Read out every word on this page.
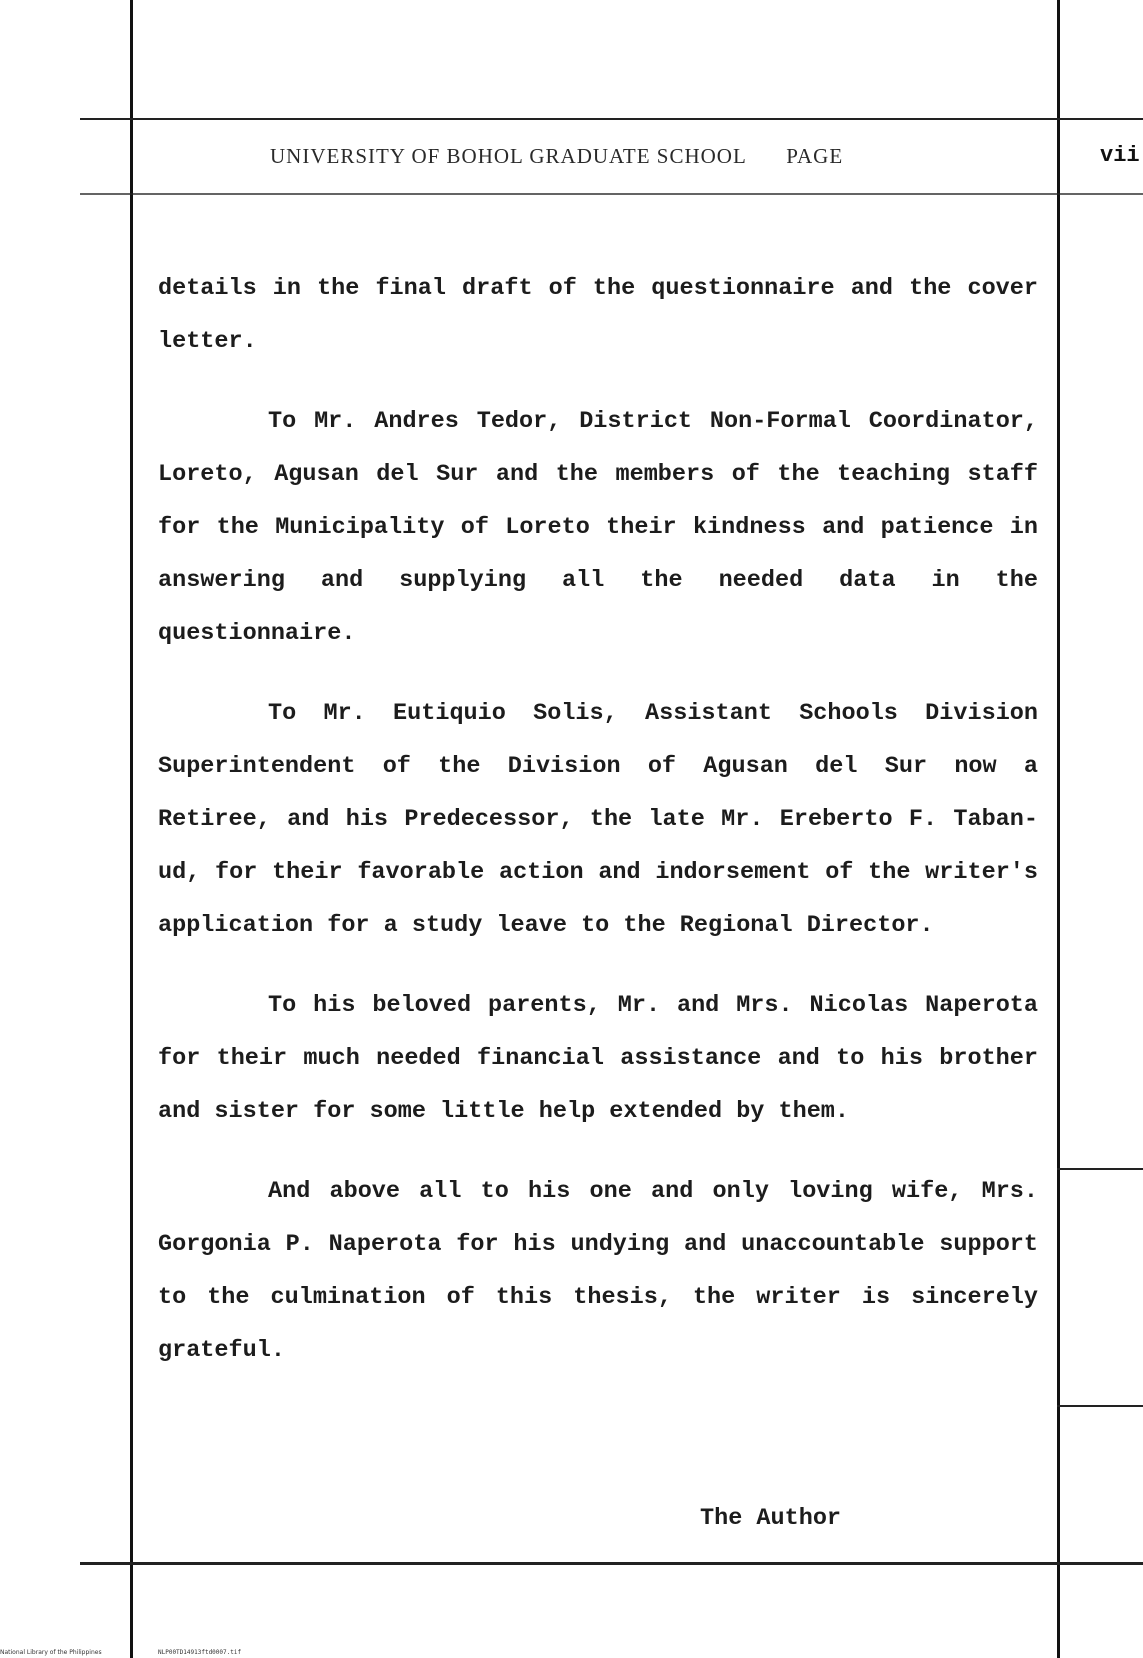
UNIVERSITY OF BOHOL GRADUATE SCHOOL PAGE	vii

details in the final draft of the questionnaire and the cover letter.

To Mr. Andres Tedor, District Non-Formal Coordinator, Loreto, Agusan del Sur and the members of the teaching staff for the Municipality of Loreto their kindness and patience in answering and supplying all the needed data in the questionnaire.

To Mr. Eutiquio Solis, Assistant Schools Division Superintendent of the Division of Agusan del Sur now a Retiree, and his Predecessor, the late Mr. Ereberto F. Taban-ud, for their favorable action and indorsement of the writer's application for a study leave to the Regional Director.

To his beloved parents, Mr. and Mrs. Nicolas Naperota for their much needed financial assistance and to his brother and sister for some little help extended by them.

And above all to his one and only loving wife, Mrs. Gorgonia P. Naperota for his undying and unaccountable support to the culmination of this thesis, the writer is sincerely grateful.

The Author
National Library of the Philippines	NLP00TD14913ftd0007.tif
